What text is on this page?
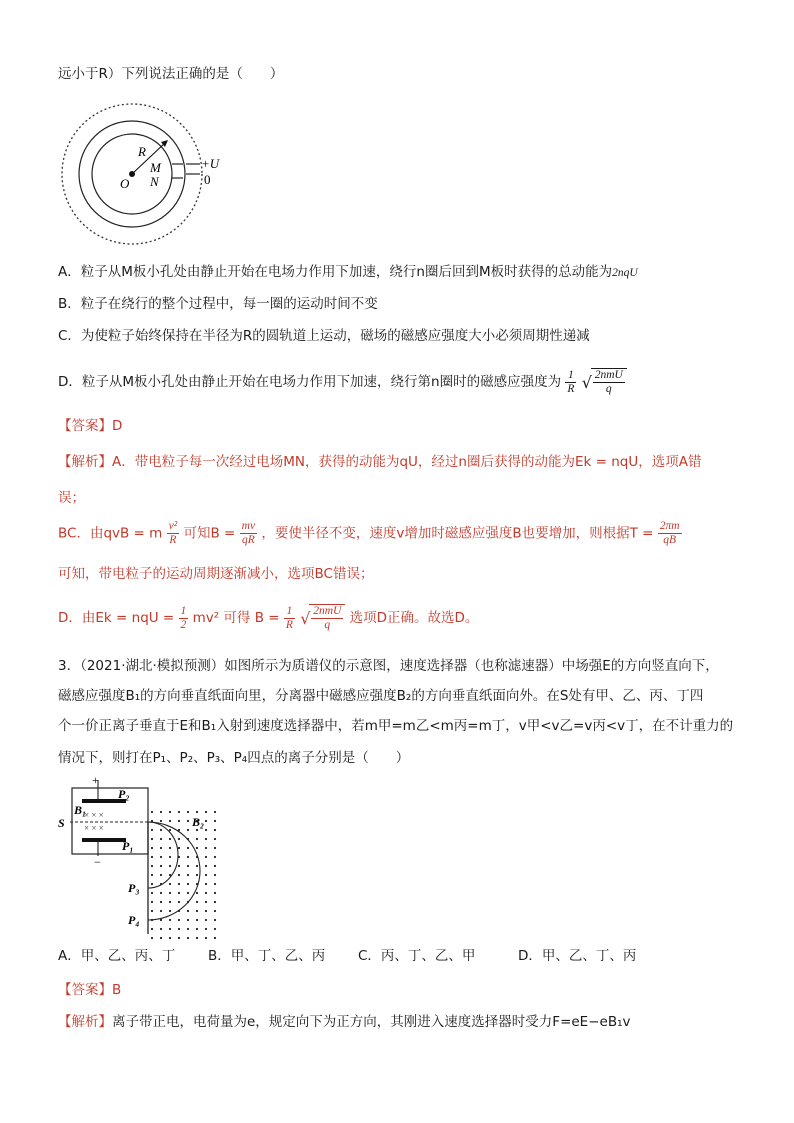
远小于R）下列说法正确的是（　　）
R
M
N
O
+U
0
A．粒子从M板小孔处由静止开始在电场力作用下加速，绕行n圈后回到M板时获得的总动能为2nqU
B．粒子在绕行的整个过程中，每一圈的运动时间不变
C．为使粒子始终保持在半径为R的圆轨道上运动，磁场的磁感应强度大小必须周期性递减
D．粒子从M板小孔处由静止开始在电场力作用下加速，绕行第n圈时的磁感应强度为 $\frac{1}{R}$
√ $\frac{\text{2nmU}}{q}$
【答案】D
【解析】A．带电粒子每一次经过电场MN，获得的动能为qU，经过n圈后获得的动能为Ek = nqU，选项A错
误；
BC．由qvB = m $\frac{\text{v²}}{R}$ 可知$B = \frac{mv}{qR}$ ，要使半径不变，速度v增加时磁感应强度B也要增加，则根据$T = \frac{2\pi m}{qB}$
可知，带电粒子的运动周期逐渐减小，选项BC错误；
D．由Ek = nqU = $\frac{1}{2} mv^2$ 可得 $B = \frac{1}{R}$
√ $\frac{\text{2nmU}}{q}$ 选项D正确。故选D。
3．（2021·湖北·模拟预测）如图所示为质谱仪的示意图，速度选择器（也称滤速器）中场强E的方向竖直向下，
磁感应强度B₁的方向垂直纸面向里，分离器中磁感应强度B₂的方向垂直纸面向外。在S处有甲、乙、丙、丁四
个一价正离子垂直于E和B₁入射到速度选择器中，若m甲=m乙<m丙=m丁，v甲<v乙=v丙<v丁，在不计重力的
情况下，则打在P₁、P₂、P₃、P₄四点的离子分别是（　　）
+
−
× × ×
× × ×
B₁
S
P₂
P₁
B₂
P₃
P₄
A．甲、乙、丙、丁 B．甲、丁、乙、丙 C．丙、丁、乙、甲	D．甲、乙、丁、丙
【答案】B
【解析】离子带正电，电荷量为e，规定向下为正方向，其刚进入速度选择器时受力F=eE−eB₁v
